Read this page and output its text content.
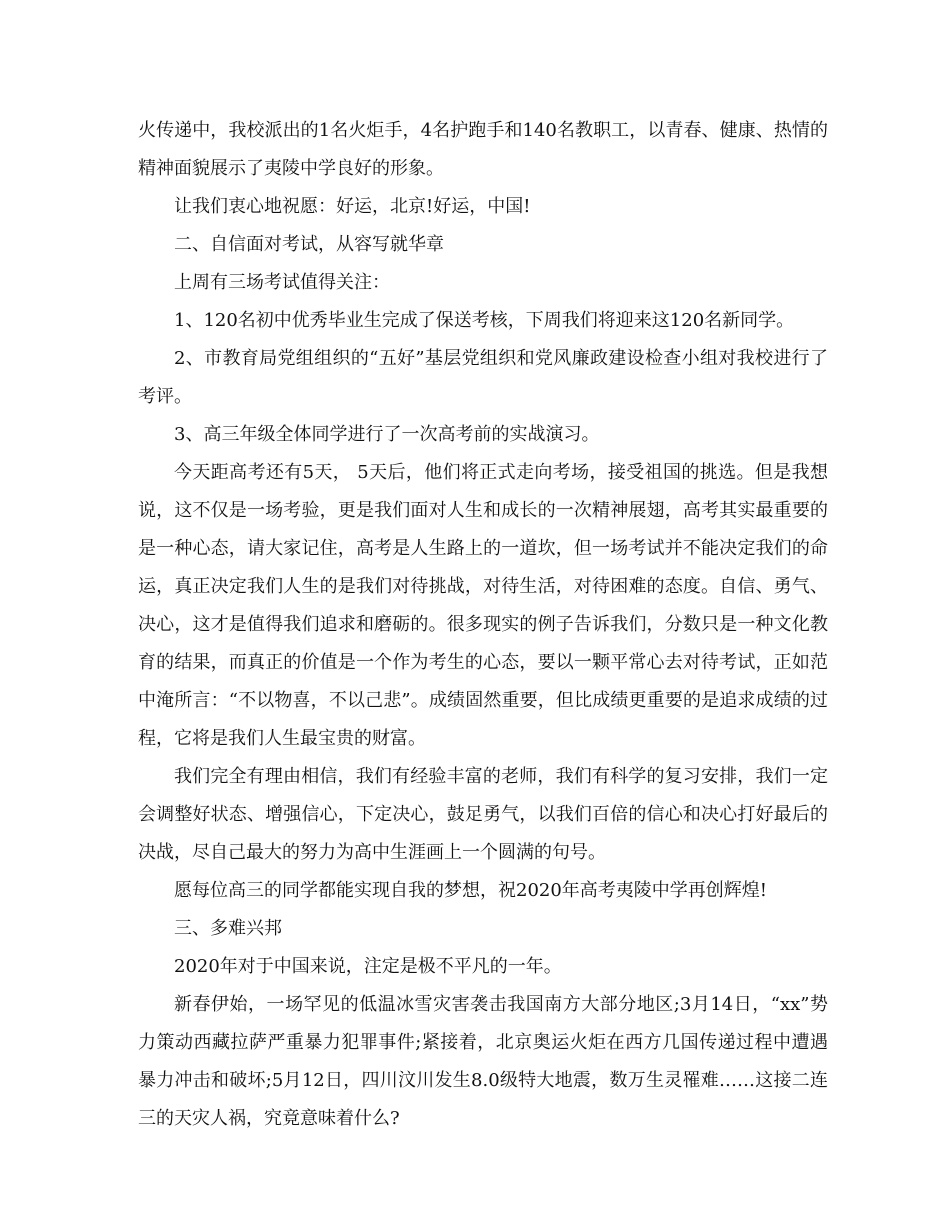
火传递中，我校派出的1名火炬手，4名护跑手和140名教职工，以青春、健康、热情的精神面貌展示了夷陵中学良好的形象。

让我们衷心地祝愿：好运，北京!好运，中国!

二、自信面对考试，从容写就华章

上周有三场考试值得关注：

1、120名初中优秀毕业生完成了保送考核，下周我们将迎来这120名新同学。

2、市教育局党组组织的“五好”基层党组织和党风廉政建设检查小组对我校进行了考评。

3、高三年级全体同学进行了一次高考前的实战演习。

今天距高考还有5天， 5天后，他们将正式走向考场，接受祖国的挑选。但是我想说，这不仅是一场考验，更是我们面对人生和成长的一次精神展翅，高考其实最重要的是一种心态，请大家记住，高考是人生路上的一道坎，但一场考试并不能决定我们的命运，真正决定我们人生的是我们对待挑战，对待生活，对待困难的态度。自信、勇气、决心，这才是值得我们追求和磨砺的。很多现实的例子告诉我们，分数只是一种文化教育的结果，而真正的价值是一个作为考生的心态，要以一颗平常心去对待考试，正如范中淹所言：“不以物喜，不以己悲”。成绩固然重要，但比成绩更重要的是追求成绩的过程，它将是我们人生最宝贵的财富。

我们完全有理由相信，我们有经验丰富的老师，我们有科学的复习安排，我们一定会调整好状态、增强信心，下定决心，鼓足勇气，以我们百倍的信心和决心打好最后的决战，尽自己最大的努力为高中生涯画上一个圆满的句号。

愿每位高三的同学都能实现自我的梦想，祝2020年高考夷陵中学再创辉煌!

三、多难兴邦

2020年对于中国来说，注定是极不平凡的一年。

新春伊始，一场罕见的低温冰雪灾害袭击我国南方大部分地区;3月14日，“xx”势力策动西藏拉萨严重暴力犯罪事件;紧接着，北京奥运火炬在西方几国传递过程中遭遇暴力冲击和破坏;5月12日，四川汶川发生8.0级特大地震，数万生灵罹难……这接二连三的天灾人祸，究竟意味着什么?
